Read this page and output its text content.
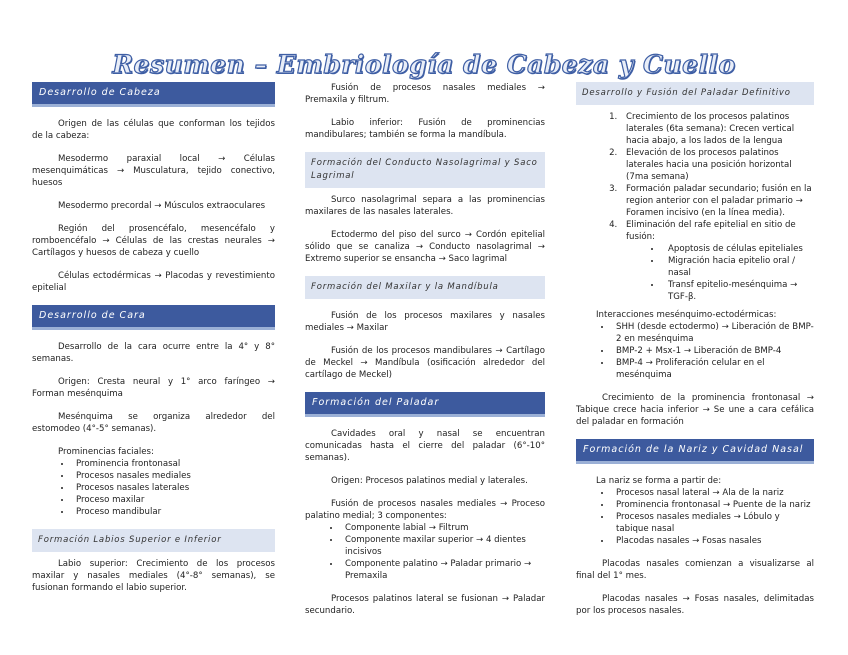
Resumen – Embriología de Cabeza y Cuello
Desarrollo de Cabeza

Origen de las células que conforman los tejidos de la cabeza:

Mesodermo paraxial local → Células mesenquimáticas → Musculatura, tejido conectivo, huesos

Mesodermo precordal → Músculos extraoculares

Región del prosencéfalo, mesencéfalo y romboencéfalo → Células de las crestas neurales → Cartílagos y huesos de cabeza y cuello

Células ectodérmicas → Placodas y revestimiento epitelial

Desarrollo de Cara

Desarrollo de la cara ocurre entre la 4° y 8° semanas.

Origen: Cresta neural y 1° arco faríngeo → Forman mesénquima

Mesénquima se organiza alrededor del estomodeo (4°-5° semanas).

Prominencias faciales:

• Prominencia frontonasal
• Procesos nasales mediales
• Procesos nasales laterales
• Proceso maxilar
• Proceso mandibular
Formación Labios Superior e Inferior

Labio superior: Crecimiento de los procesos maxilar y nasales mediales (4°-8° semanas), se fusionan formando el labio superior.

Fusión de procesos nasales mediales → Premaxila y filtrum.

Labio inferior: Fusión de prominencias mandibulares; también se forma la mandíbula.

Formación del Conducto Nasolagrimal y Saco Lagrimal

Surco nasolagrimal separa a las prominencias maxilares de las nasales laterales.

Ectodermo del piso del surco → Cordón epitelial sólido que se canaliza → Conducto nasolagrimal → Extremo superior se ensancha → Saco lagrimal

Formación del Maxilar y la Mandíbula

Fusión de los procesos maxilares y nasales mediales → Maxilar

Fusión de los procesos mandibulares → Cartílago de Meckel → Mandíbula (osificación alrededor del cartílago de Meckel)

Formación del Paladar

Cavidades oral y nasal se encuentran comunicadas hasta el cierre del paladar (6°-10° semanas).

Origen: Procesos palatinos medial y laterales.

Fusión de procesos nasales mediales → Proceso palatino medial; 3 componentes:

• Componente labial → Filtrum
• Componente maxilar superior → 4 dientes incisivos
• Componente palatino → Paladar primario → Premaxila

Procesos palatinos lateral se fusionan → Paladar secundario.

Desarrollo y Fusión del Paladar Definitivo
1. Crecimiento de los procesos palatinos laterales (6ta semana): Crecen vertical hacia abajo, a los lados de la lengua
2. Elevación de los procesos palatinos laterales hacia una posición horizontal (7ma semana)
3. Formación paladar secundario; fusión en la region anterior con el paladar primario → Foramen incisivo (en la línea media).
4. Eliminación del rafe epitelial en sitio de fusión:
• Apoptosis de células epiteliales
• Migración hacia epitelio oral / nasal
• Transf epitelio-mesénquima → TGF-β.

Interacciones mesénquimo-ectodérmicas:

• SHH (desde ectodermo) → Liberación de BMP-2 en mesénquima
• BMP-2 + Msx-1 → Liberación de BMP-4
• BMP-4 → Proliferación celular en el mesénquima

Crecimiento de la prominencia frontonasal → Tabique crece hacia inferior → Se une a cara cefálica del paladar en formación

Formación de la Nariz y Cavidad Nasal

La nariz se forma a partir de:

• Procesos nasal lateral → Ala de la nariz
• Prominencia frontonasal → Puente de la nariz
• Procesos nasales mediales → Lóbulo y tabique nasal
• Placodas nasales → Fosas nasales

Placodas nasales comienzan a visualizarse al final del 1° mes.

Placodas nasales → Fosas nasales, delimitadas por los procesos nasales.
